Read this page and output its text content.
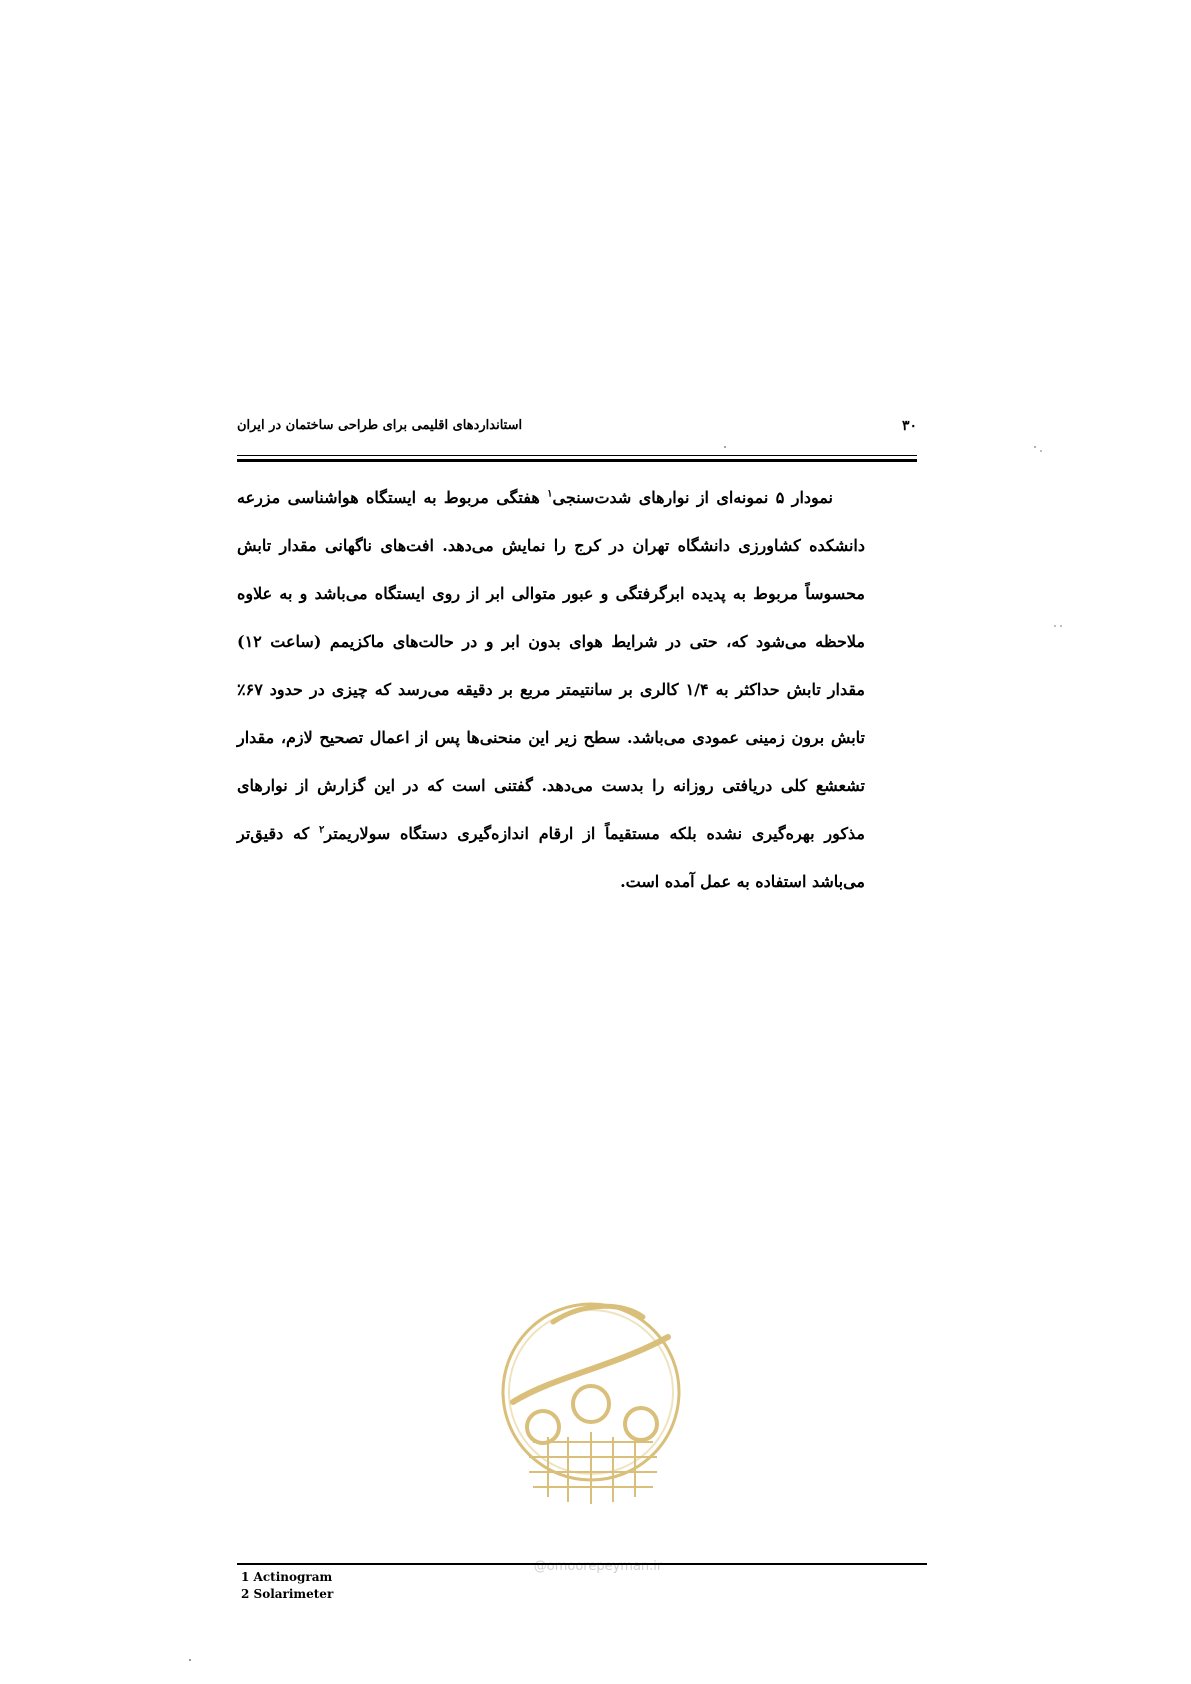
استانداردهای اقلیمی برای طراحی ساختمان در ایران	۳۰

نمودار ۵ نمونه‌ای از نوارهای شدت‌سنجی$^۱$ هفتگی مربوط به ایستگاه هواشناسی مزرعه دانشکده کشاورزی دانشگاه تهران در کرج را نمایش می‌دهد. افت‌های ناگهانی مقدار تابش محسوساً مربوط به پدیده ابرگرفتگی و عبور متوالی ابر از روی ایستگاه می‌باشد و به علاوه ملاحظه می‌شود که، حتی در شرایط هوای بدون ابر و در حالت‌های ماکزیمم (ساعت ۱۲) مقدار تابش حداکثر به ۱/۴ کالری بر سانتیمتر مربع بر دقیقه می‌رسد که چیزی در حدود ۶۷٪ تابش برون زمینی عمودی می‌باشد. سطح زیر این منحنی‌ها پس از اعمال تصحیح لازم، مقدار تشعشع کلی دریافتی روزانه را بدست می‌دهد. گفتنی است که در این گزارش از نوارهای مذکور بهره‌گیری نشده بلکه مستقیماً از ارقام اندازه‌گیری دستگاه سولاریمتر$^۲$ که دقیق‌تر می‌باشد استفاده به عمل آمده است.

@omoorepeyman.ir
1 Actinogram
2 Solarimeter
